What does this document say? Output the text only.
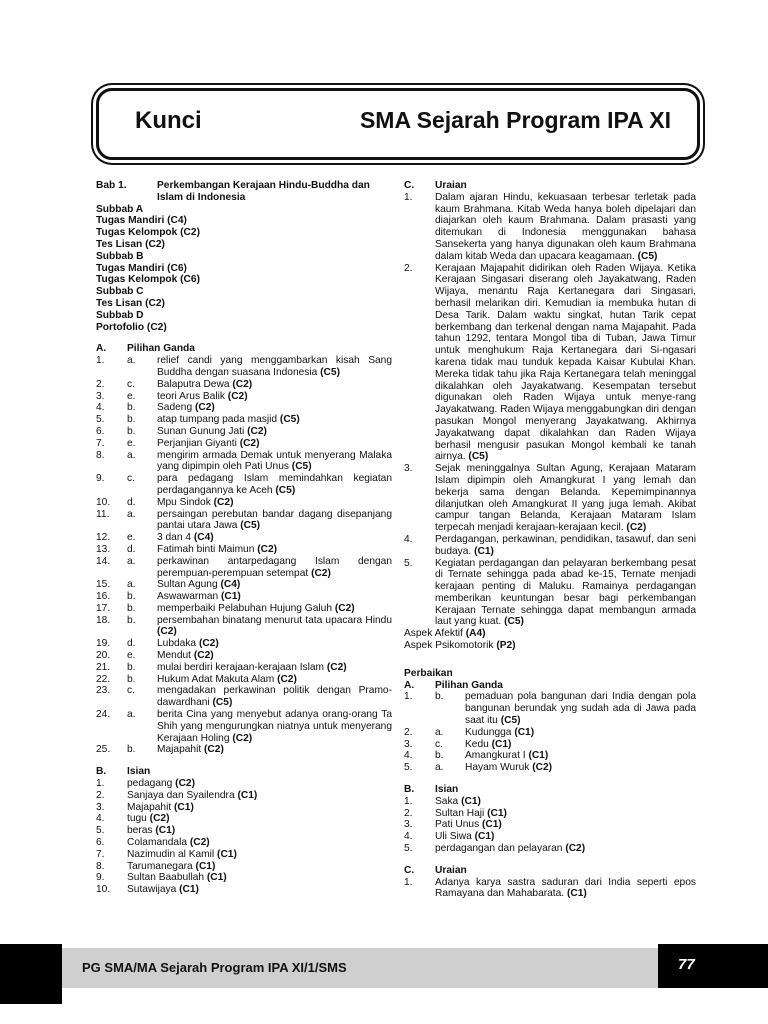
Kunci	SMA Sejarah Program IPA XI
Bab 1.	Perkembangan Kerajaan Hindu-Buddha dan Islam di Indonesia
Subbab A
Tugas Mandiri (C4)
Tugas Kelompok (C2)
Tes Lisan (C2)
Subbab B
Tugas Mandiri (C6)
Tugas Kelompok (C6)
Subbab C
Tes Lisan (C2)
Subbab D
Portofolio (C2)
A.	Pilihan Ganda
1.	a.	relief candi yang menggambarkan kisah Sang Buddha dengan suasana Indonesia (C5)
2.	c.	Balaputra Dewa (C2)
3.	e.	teori Arus Balik (C2)
4.	b.	Sadeng (C2)
5.	b.	atap tumpang pada masjid (C5)
6.	b.	Sunan Gunung Jati (C2)
7.	e.	Perjanjian Giyanti (C2)
8.	a.	mengirim armada Demak untuk menyerang Malaka yang dipimpin oleh Pati Unus (C5)
9.	c.	para pedagang Islam memindahkan kegiatan perdagangannya ke Aceh (C5)
10.	d.	Mpu Sindok (C2)
11.	a.	persaingan perebutan bandar dagang disepanjang pantai utara Jawa (C5)
12.	e.	3 dan 4 (C4)
13.	d.	Fatimah binti Maimun (C2)
14.	a.	perkawinan antarpedagang Islam dengan perempuan-perempuan setempat (C2)
15.	a.	Sultan Agung (C4)
16.	b.	Aswawarman (C1)
17.	b.	memperbaiki Pelabuhan Hujung Galuh (C2)
18.	b.	persembahan binatang menurut tata upacara Hindu (C2)
19.	d.	Lubdaka (C2)
20.	e.	Mendut (C2)
21.	b.	mulai berdiri kerajaan-kerajaan Islam (C2)
22.	b.	Hukum Adat Makuta Alam (C2)
23.	c.	mengadakan perkawinan politik dengan Pramo-dawardhani (C5)
24.	a.	berita Cina yang menyebut adanya orang-orang Ta Shih yang mengurungkan niatnya untuk menyerang Kerajaan Holing (C2)
25.	b.	Majapahit (C2)
B.	Isian
1.	pedagang (C2)
2.	Sanjaya dan Syailendra (C1)
3.	Majapahit (C1)
4.	tugu (C2)
5.	beras (C1)
6.	Colamandala (C2)
7.	Nazimudin al Kamil (C1)
8.	Tarumanegara (C1)
9.	Sultan Baabullah (C1)
10.	Sutawijaya (C1)
C.	Uraian
1.	Dalam ajaran Hindu, kekuasaan terbesar terletak pada kaum Brahmana. Kitab Weda hanya boleh dipelajari dan diajarkan oleh kaum Brahmana. Dalam prasasti yang ditemukan di Indonesia menggunakan bahasa Sansekerta yang hanya digunakan oleh kaum Brahmana dalam kitab Weda dan upacara keagamaan. (C5)
2.	Kerajaan Majapahit didirikan oleh Raden Wijaya. Ketika Kerajaan Singasari diserang oleh Jayakatwang, Raden Wijaya, menantu Raja Kertanegara dari Singasari, berhasil melarikan diri. Kemudian ia membuka hutan di Desa Tarik. Dalam waktu singkat, hutan Tarik cepat berkembang dan terkenal dengan nama Majapahit. Pada tahun 1292, tentara Mongol tiba di Tuban, Jawa Timur untuk menghukum Raja Kertanegara dari Si-ngasari karena tidak mau tunduk kepada Kaisar Kubulai Khan. Mereka tidak tahu jika Raja Kertanegara telah meninggal dikalahkan oleh Jayakatwang. Kesempatan tersebut digunakan oleh Raden Wijaya untuk menye-rang Jayakatwang. Raden Wijaya menggabungkan diri dengan pasukan Mongol menyerang Jayakatwang. Akhirnya Jayakatwang dapat dikalahkan dan Raden Wijaya berhasil mengusir pasukan Mongol kembali ke tanah airnya. (C5)
3.	Sejak meninggalnya Sultan Agung, Kerajaan Mataram Islam dipimpin oleh Amangkurat I yang lemah dan bekerja sama dengan Belanda. Kepemimpinannya dilanjutkan oleh Amangkurat II yang juga lemah. Akibat campur tangan Belanda, Kerajaan Mataram Islam terpecah menjadi kerajaan-kerajaan kecil. (C2)
4.	Perdagangan, perkawinan, pendidikan, tasawuf, dan seni budaya. (C1)
5.	Kegiatan perdagangan dan pelayaran berkembang pesat di Ternate sehingga pada abad ke-15, Ternate menjadi kerajaan penting di Maluku. Ramainya perdagangan memberikan keuntungan besar bagi perkembangan Kerajaan Ternate sehingga dapat membangun armada laut yang kuat. (C5)
Aspek Afektif (A4)
Aspek Psikomotorik (P2)
Perbaikan
A.	Pilihan Ganda
1.	b.	pemaduan pola bangunan dari India dengan pola bangunan berundak yng sudah ada di Jawa pada saat itu (C5)
2.	a.	Kudungga (C1)
3.	c.	Kedu (C1)
4.	b.	Amangkurat I (C1)
5.	a.	Hayam Wuruk (C2)
B.	Isian
1.	Saka (C1)
2.	Sultan Haji (C1)
3.	Pati Unus (C1)
4.	Uli Siwa (C1)
5.	perdagangan dan pelayaran (C2)
C.	Uraian
1.	Adanya karya sastra saduran dari India seperti epos Ramayana dan Mahabarata. (C1)
PG SMA/MA Sejarah Program IPA XI/1/SMS	77
